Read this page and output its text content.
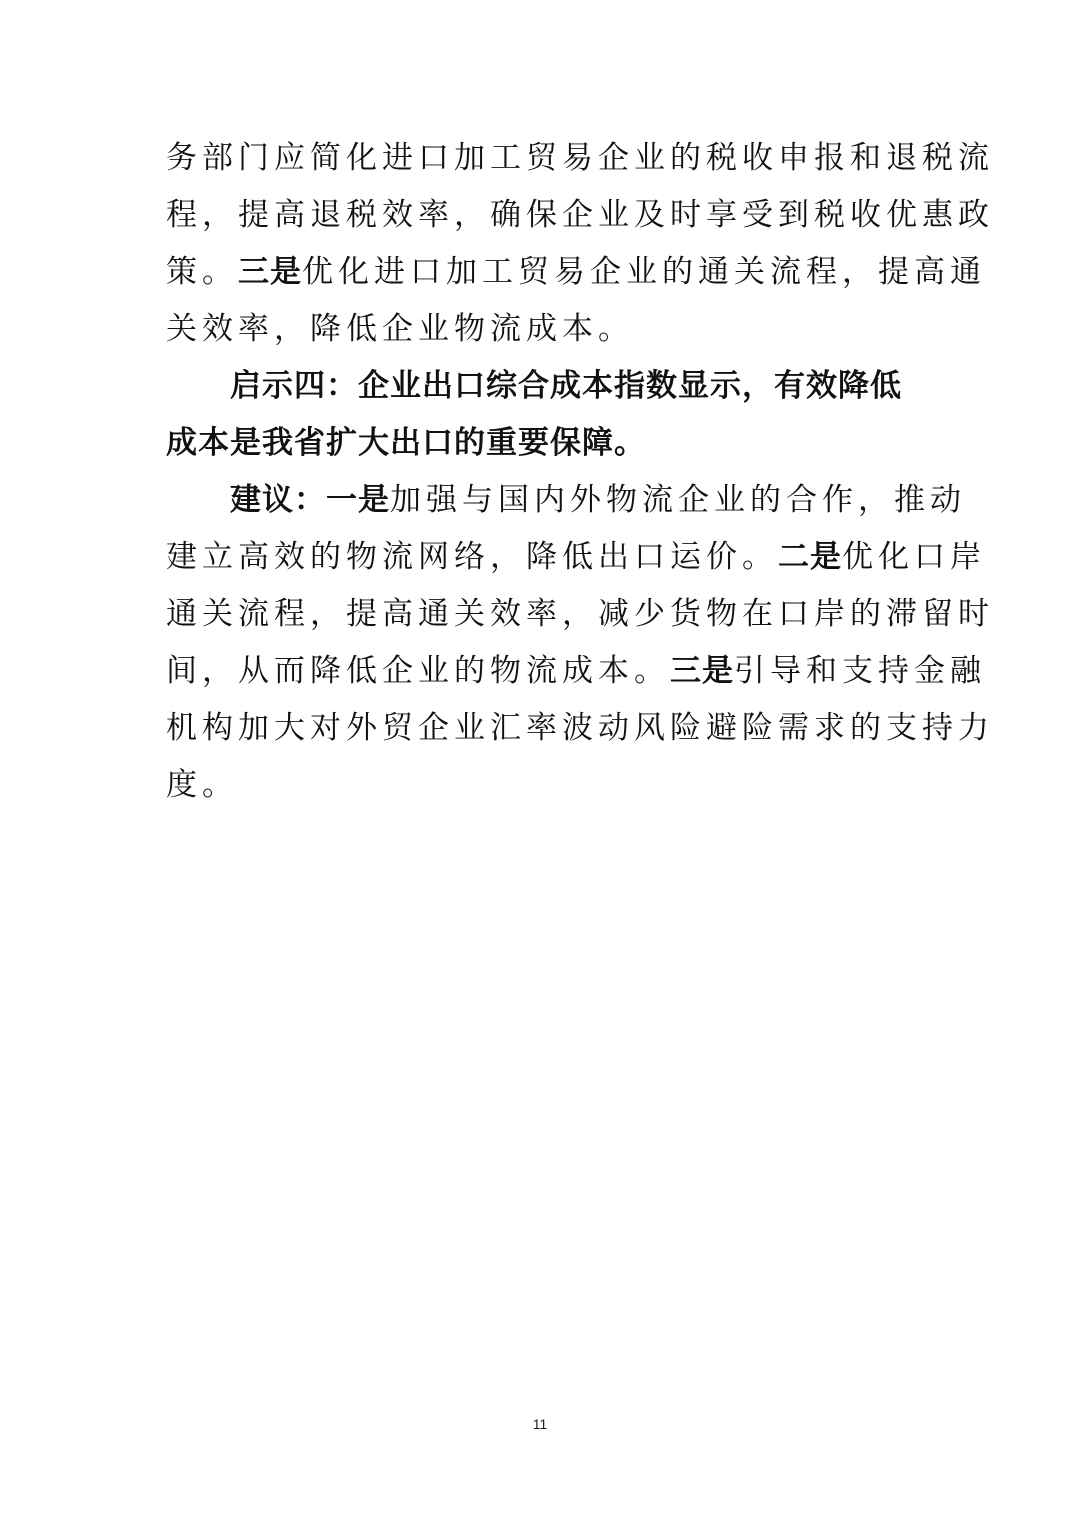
务部门应简化进口加工贸易企业的税收申报和退税流
程，提高退税效率，确保企业及时享受到税收优惠政
策。三是优化进口加工贸易企业的通关流程，提高通
关效率，降低企业物流成本。
启示四：企业出口综合成本指数显示，有效降低
成本是我省扩大出口的重要保障。
建议：一是加强与国内外物流企业的合作，推动
建立高效的物流网络，降低出口运价。二是优化口岸
通关流程，提高通关效率，减少货物在口岸的滞留时
间，从而降低企业的物流成本。三是引导和支持金融
机构加大对外贸企业汇率波动风险避险需求的支持力
度。
11
